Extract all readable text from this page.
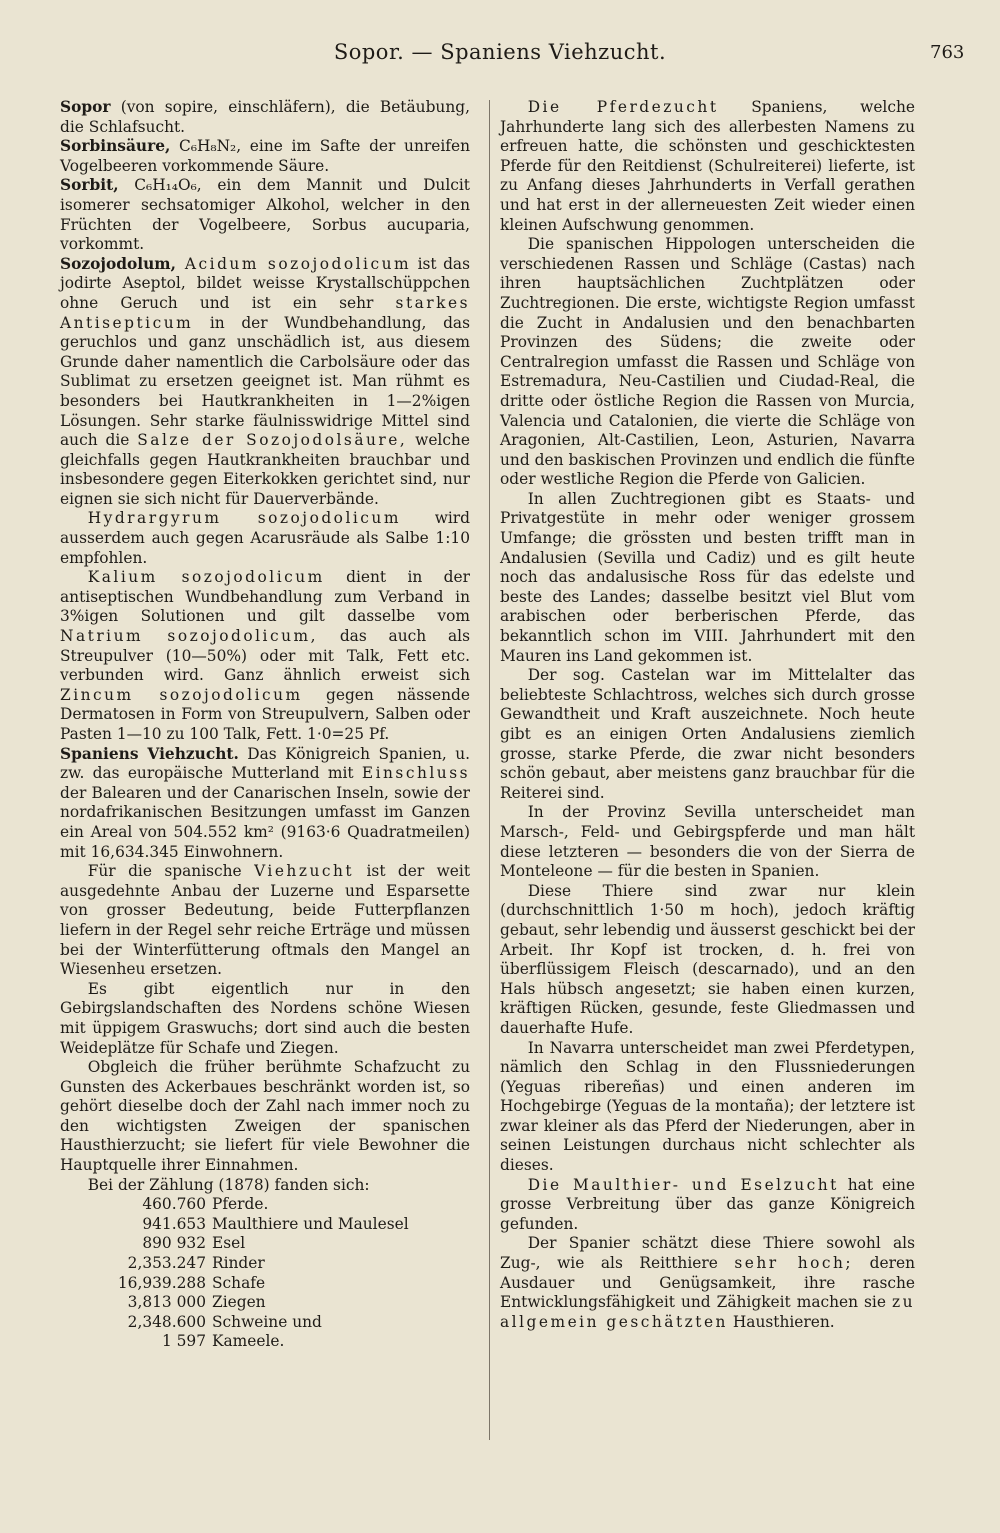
Sopor. — Spaniens Viehzucht.	763

Sopor (von sopire, einschläfern), die Betäubung, die Schlafsucht.

Sorbinsäure, C₆H₈N₂, eine im Safte der unreifen Vogelbeeren vorkommende Säure.

Sorbit, C₆H₁₄O₆, ein dem Mannit und Dulcit isomerer sechsatomiger Alkohol, welcher in den Früchten der Vogelbeere, Sorbus aucuparia, vorkommt.

Sozojodolum, Acidum sozojodolicum ist das jodirte Aseptol, bildet weisse Krystallschüppchen ohne Geruch und ist ein sehr starkes Antisepticum in der Wundbehandlung, das geruchlos und ganz unschädlich ist, aus diesem Grunde daher namentlich die Carbolsäure oder das Sublimat zu ersetzen geeignet ist. Man rühmt es besonders bei Hautkrankheiten in 1—2%igen Lösungen. Sehr starke fäulnisswidrige Mittel sind auch die Salze der Sozojodolsäure, welche gleichfalls gegen Hautkrankheiten brauchbar und insbesondere gegen Eiterkokken gerichtet sind, nur eignen sie sich nicht für Dauerverbände.

Hydrargyrum sozojodolicum wird ausserdem auch gegen Acarusräude als Salbe 1:10 empfohlen.

Kalium sozojodolicum dient in der antiseptischen Wundbehandlung zum Verband in 3%igen Solutionen und gilt dasselbe vom Natrium sozojodolicum, das auch als Streupulver (10—50%) oder mit Talk, Fett etc. verbunden wird. Ganz ähnlich erweist sich Zincum sozojodolicum gegen nässende Dermatosen in Form von Streupulvern, Salben oder Pasten 1—10 zu 100 Talk, Fett. 1·0=25 Pf.

Spaniens Viehzucht. Das Königreich Spanien, u. zw. das europäische Mutterland mit Einschluss der Balearen und der Canarischen Inseln, sowie der nordafrikanischen Besitzungen umfasst im Ganzen ein Areal von 504.552 km² (9163·6 Quadratmeilen) mit 16,634.345 Einwohnern.

Für die spanische Viehzucht ist der weit ausgedehnte Anbau der Luzerne und Esparsette von grosser Bedeutung, beide Futterpflanzen liefern in der Regel sehr reiche Erträge und müssen bei der Winterfütterung oftmals den Mangel an Wiesenheu ersetzen.

Es gibt eigentlich nur in den Gebirgslandschaften des Nordens schöne Wiesen mit üppigem Graswuchs; dort sind auch die besten Weideplätze für Schafe und Ziegen.

Obgleich die früher berühmte Schafzucht zu Gunsten des Ackerbaues beschränkt worden ist, so gehört dieselbe doch der Zahl nach immer noch zu den wichtigsten Zweigen der spanischen Hausthierzucht; sie liefert für viele Bewohner die Hauptquelle ihrer Einnahmen.

Bei der Zählung (1878) fanden sich:

460.760 Pferde.
941.653 Maulthiere und Maulesel
890 932 Esel
2,353.247 Rinder
16,939.288 Schafe
3,813 000 Ziegen
2,348.600 Schweine und
1 597 Kameele.

Die Pferdezucht Spaniens, welche Jahrhunderte lang sich des allerbesten Namens zu erfreuen hatte, die schönsten und geschicktesten Pferde für den Reitdienst (Schulreiterei) lieferte, ist zu Anfang dieses Jahrhunderts in Verfall gerathen und hat erst in der allerneuesten Zeit wieder einen kleinen Aufschwung genommen.

Die spanischen Hippologen unterscheiden die verschiedenen Rassen und Schläge (Castas) nach ihren hauptsächlichen Zuchtplätzen oder Zuchtregionen. Die erste, wichtigste Region umfasst die Zucht in Andalusien und den benachbarten Provinzen des Südens; die zweite oder Centralregion umfasst die Rassen und Schläge von Estremadura, Neu-Castilien und Ciudad-Real, die dritte oder östliche Region die Rassen von Murcia, Valencia und Catalonien, die vierte die Schläge von Aragonien, Alt-Castilien, Leon, Asturien, Navarra und den baskischen Provinzen und endlich die fünfte oder westliche Region die Pferde von Galicien.

In allen Zuchtregionen gibt es Staats- und Privatgestüte in mehr oder weniger grossem Umfange; die grössten und besten trifft man in Andalusien (Sevilla und Cadiz) und es gilt heute noch das andalusische Ross für das edelste und beste des Landes; dasselbe besitzt viel Blut vom arabischen oder berberischen Pferde, das bekanntlich schon im VIII. Jahrhundert mit den Mauren ins Land gekommen ist.

Der sog. Castelan war im Mittelalter das beliebteste Schlachtross, welches sich durch grosse Gewandtheit und Kraft auszeichnete. Noch heute gibt es an einigen Orten Andalusiens ziemlich grosse, starke Pferde, die zwar nicht besonders schön gebaut, aber meistens ganz brauchbar für die Reiterei sind.

In der Provinz Sevilla unterscheidet man Marsch-, Feld- und Gebirgspferde und man hält diese letzteren — besonders die von der Sierra de Monteleone — für die besten in Spanien.

Diese Thiere sind zwar nur klein (durchschnittlich 1·50 m hoch), jedoch kräftig gebaut, sehr lebendig und äusserst geschickt bei der Arbeit. Ihr Kopf ist trocken, d. h. frei von überflüssigem Fleisch (descarnado), und an den Hals hübsch angesetzt; sie haben einen kurzen, kräftigen Rücken, gesunde, feste Gliedmassen und dauerhafte Hufe.

In Navarra unterscheidet man zwei Pferdetypen, nämlich den Schlag in den Flussniederungen (Yeguas ribereñas) und einen anderen im Hochgebirge (Yeguas de la montaña); der letztere ist zwar kleiner als das Pferd der Niederungen, aber in seinen Leistungen durchaus nicht schlechter als dieses.

Die Maulthier- und Eselzucht hat eine grosse Verbreitung über das ganze Königreich gefunden.

Der Spanier schätzt diese Thiere sowohl als Zug-, wie als Reitthiere sehr hoch; deren Ausdauer und Genügsamkeit, ihre rasche Entwicklungsfähigkeit und Zähigkeit machen sie zu allgemein geschätzten Hausthieren.
